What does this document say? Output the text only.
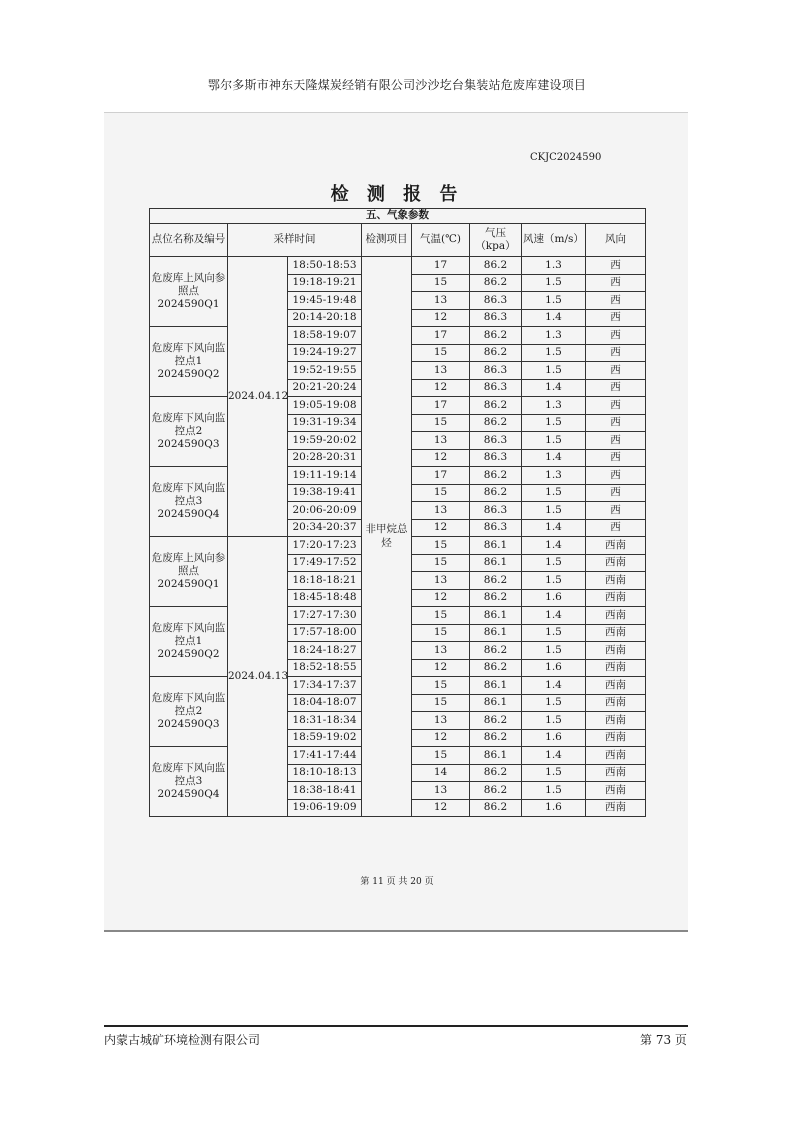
鄂尔多斯市神东天隆煤炭经销有限公司沙沙圪台集装站危废库建设项目
CKJC2024590
检 测 报 告
五、气象参数							
点位名称及编号	采样时间		检测项目	气温(℃)	气压（kpa）	风速（m/s）	风向
危废库上风向参照点2024590Q1	2024.04.12	18:50-18:53	非甲烷总烃	17	86.2	1.3	西
		19:18-19:21		15	86.2	1.5	西
		19:45-19:48		13	86.3	1.5	西
		20:14-20:18		12	86.3	1.4	西
危废库下风向监控点1 2024590Q2		18:58-19:07		17	86.2	1.3	西
		19:24-19:27		15	86.2	1.5	西
		19:52-19:55		13	86.3	1.5	西
		20:21-20:24		12	86.3	1.4	西
危废库下风向监控点2 2024590Q3		19:05-19:08		17	86.2	1.3	西
		19:31-19:34		15	86.2	1.5	西
		19:59-20:02		13	86.3	1.5	西
		20:28-20:31		12	86.3	1.4	西
危废库下风向监控点3 2024590Q4		19:11-19:14		17	86.2	1.3	西
		19:38-19:41		15	86.2	1.5	西
		20:06-20:09		13	86.3	1.5	西
		20:34-20:37		12	86.3	1.4	西
危废库上风向参照点2024590Q1	2024.04.13	17:20-17:23		15	86.1	1.4	西南
		17:49-17:52		15	86.1	1.5	西南
		18:18-18:21		13	86.2	1.5	西南
		18:45-18:48		12	86.2	1.6	西南
危废库下风向监控点1 2024590Q2		17:27-17:30		15	86.1	1.4	西南
		17:57-18:00		15	86.1	1.5	西南
		18:24-18:27		13	86.2	1.5	西南
		18:52-18:55		12	86.2	1.6	西南
危废库下风向监控点2 2024590Q3		17:34-17:37		15	86.1	1.4	西南
		18:04-18:07		15	86.1	1.5	西南
		18:31-18:34		13	86.2	1.5	西南
		18:59-19:02		12	86.2	1.6	西南
危废库下风向监控点3 2024590Q4		17:41-17:44		15	86.1	1.4	西南
		18:10-18:13		14	86.2	1.5	西南
		18:38-18:41		13	86.2	1.5	西南
		19:06-19:09		12	86.2	1.6	西南
第 11 页 共 20 页
内蒙古城矿环境检测有限公司	第 73 页
